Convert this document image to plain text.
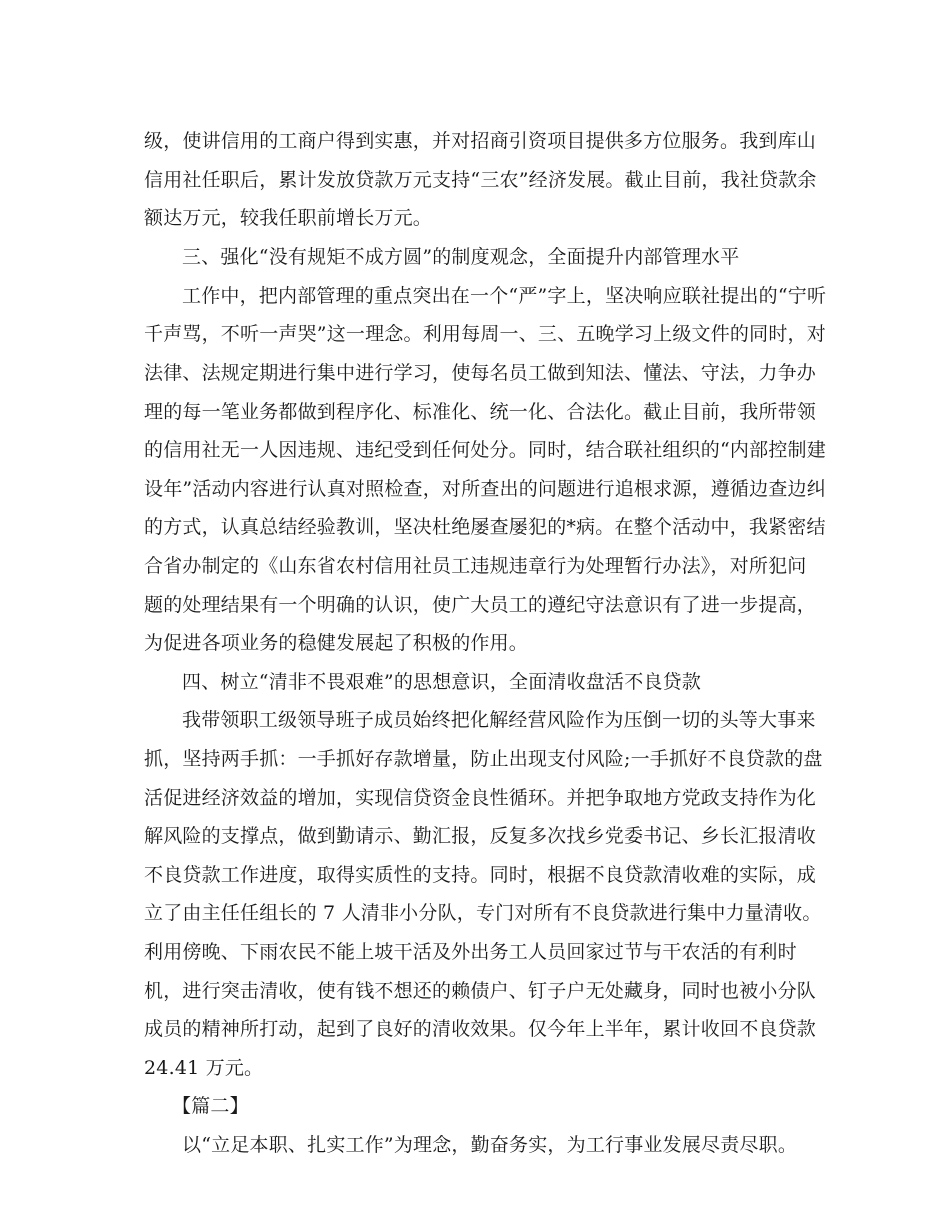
级，使讲信用的工商户得到实惠，并对招商引资项目提供多方位服务。我到库山
信用社任职后，累计发放贷款万元支持“三农”经济发展。截止目前，我社贷款余
额达万元，较我任职前增长万元。
三、强化“没有规矩不成方圆”的制度观念，全面提升内部管理水平
工作中，把内部管理的重点突出在一个“严”字上，坚决响应联社提出的“宁听
千声骂，不听一声哭”这一理念。利用每周一、三、五晚学习上级文件的同时，对
法律、法规定期进行集中进行学习，使每名员工做到知法、懂法、守法，力争办
理的每一笔业务都做到程序化、标准化、统一化、合法化。截止目前，我所带领
的信用社无一人因违规、违纪受到任何处分。同时，结合联社组织的“内部控制建
设年”活动内容进行认真对照检查，对所查出的问题进行追根求源，遵循边查边纠
的方式，认真总结经验教训，坚决杜绝屡查屡犯的*病。在整个活动中，我紧密结
合省办制定的《山东省农村信用社员工违规违章行为处理暂行办法》，对所犯问
题的处理结果有一个明确的认识，使广大员工的遵纪守法意识有了进一步提高，
为促进各项业务的稳健发展起了积极的作用。
四、树立“清非不畏艰难”的思想意识，全面清收盘活不良贷款
我带领职工级领导班子成员始终把化解经营风险作为压倒一切的头等大事来
抓，坚持两手抓：一手抓好存款增量，防止出现支付风险;一手抓好不良贷款的盘
活促进经济效益的增加，实现信贷资金良性循环。并把争取地方党政支持作为化
解风险的支撑点，做到勤请示、勤汇报，反复多次找乡党委书记、乡长汇报清收
不良贷款工作进度，取得实质性的支持。同时，根据不良贷款清收难的实际，成
立了由主任任组长的 7 人清非小分队，专门对所有不良贷款进行集中力量清收。
利用傍晚、下雨农民不能上坡干活及外出务工人员回家过节与干农活的有利时
机，进行突击清收，使有钱不想还的赖债户、钉子户无处藏身，同时也被小分队
成员的精神所打动，起到了良好的清收效果。仅今年上半年，累计收回不良贷款
24.41 万元。
【篇二】
以“立足本职、扎实工作”为理念，勤奋务实，为工行事业发展尽责尽职。
